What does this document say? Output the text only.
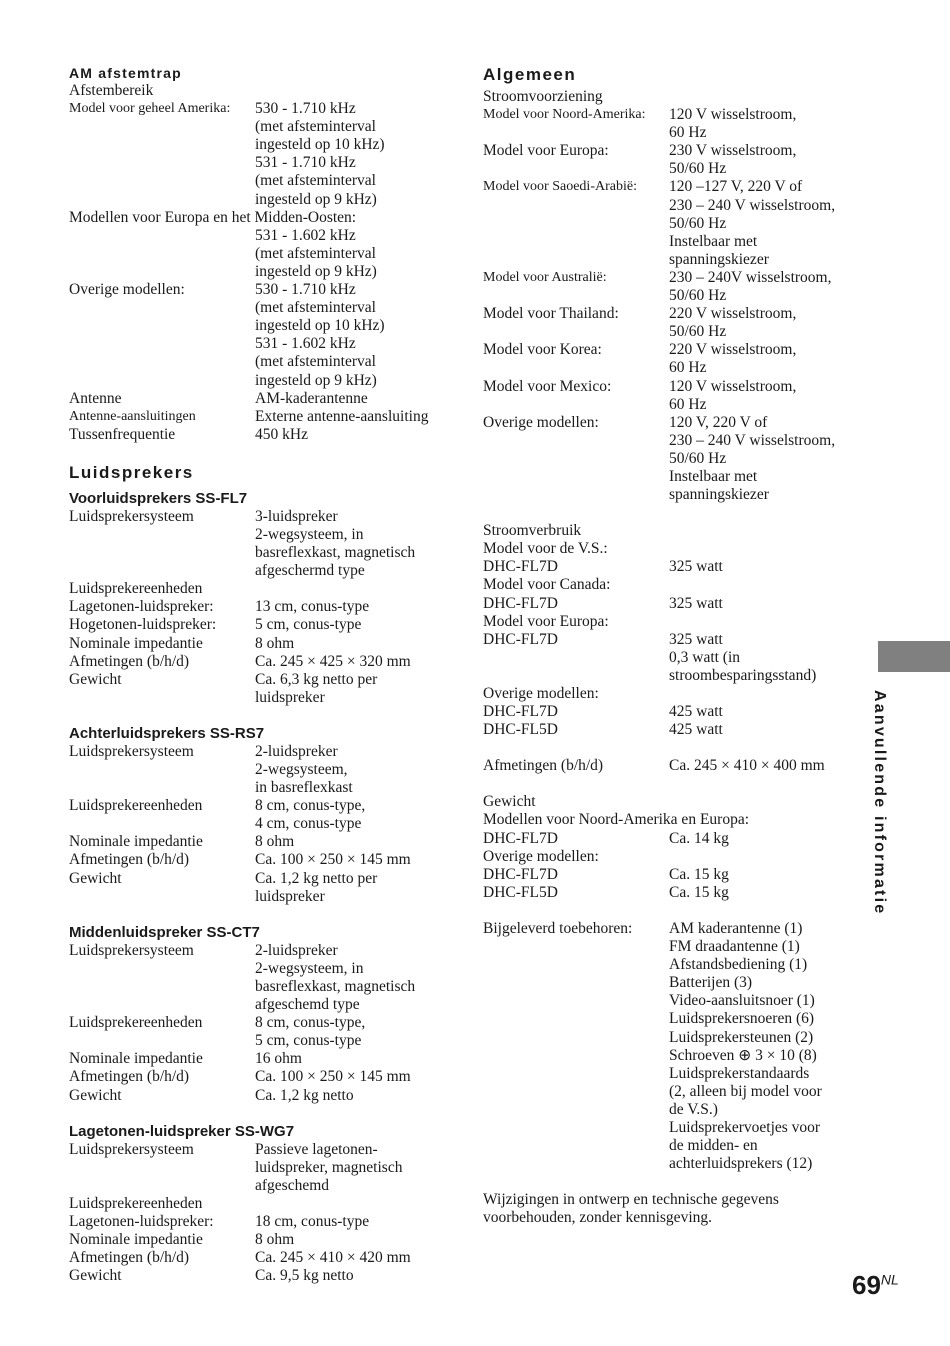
AM afstemtrap
Afstembereik
Model voor geheel Amerika:	530 - 1.710 kHz
(met afsteminterval
ingesteld op 10 kHz)
531 - 1.710 kHz
(met afsteminterval
ingesteld op 9 kHz)
Modellen voor Europa en het Midden-Oosten:
531 - 1.602 kHz
(met afsteminterval
ingesteld op 9 kHz)
Overige modellen:	530 - 1.710 kHz
(met afsteminterval
ingesteld op 10 kHz)
531 - 1.602 kHz
(met afsteminterval
ingesteld op 9 kHz)
Antenne	AM-kaderantenne
Antenne-aansluitingen	Externe antenne-aansluiting
Tussenfrequentie	450 kHz
Luidsprekers
Voorluidsprekers SS-FL7
Luidsprekersysteem	3-luidspreker
2-wegsysteem, in
basreflexkast, magnetisch
afgeschermd type
Luidsprekereenheden
Lagetonen-luidspreker:	13 cm, conus-type
Hogetonen-luidspreker:	5 cm, conus-type
Nominale impedantie	8 ohm
Afmetingen (b/h/d)	Ca. 245 × 425 × 320 mm
Gewicht	Ca. 6,3 kg netto per
luidspreker
Achterluidsprekers SS-RS7
Luidsprekersysteem	2-luidspreker
2-wegsysteem,
in basreflexkast
Luidsprekereenheden	8 cm, conus-type,
4 cm, conus-type
Nominale impedantie	8 ohm
Afmetingen (b/h/d)	Ca. 100 × 250 × 145 mm
Gewicht	Ca. 1,2 kg netto per
luidspreker
Middenluidspreker SS-CT7
Luidsprekersysteem	2-luidspreker
2-wegsysteem, in
basreflexkast, magnetisch
afgeschemd type
Luidsprekereenheden	8 cm, conus-type,
5 cm, conus-type
Nominale impedantie	16 ohm
Afmetingen (b/h/d)	Ca. 100 × 250 × 145 mm
Gewicht	Ca. 1,2 kg netto
Lagetonen-luidspreker SS-WG7
Luidsprekersysteem	Passieve lagetonen-
luidspreker, magnetisch
afgeschemd
Luidsprekereenheden
Lagetonen-luidspreker:	18 cm, conus-type
Nominale impedantie	8 ohm
Afmetingen (b/h/d)	Ca. 245 × 410 × 420 mm
Gewicht	Ca. 9,5 kg netto
Algemeen
Stroomvoorziening
Model voor Noord-Amerika:	120 V wisselstroom,
60 Hz
Model voor Europa:	230 V wisselstroom,
50/60 Hz
Model voor Saoedi-Arabië:	120 –127 V, 220 V of
230 – 240 V wisselstroom,
50/60 Hz
Instelbaar met
spanningskiezer
Model voor Australië:	230 – 240V wisselstroom,
50/60 Hz
Model voor Thailand:	220 V wisselstroom,
50/60 Hz
Model voor Korea:	220 V wisselstroom,
60 Hz
Model voor Mexico:	120 V wisselstroom,
60 Hz
Overige modellen:	120 V, 220 V of
230 – 240 V wisselstroom,
50/60 Hz
Instelbaar met
spanningskiezer
Stroomverbruik
Model voor de V.S.:
DHC-FL7D	325 watt
Model voor Canada:
DHC-FL7D	325 watt
Model voor Europa:
DHC-FL7D	325 watt
0,3 watt (in
stroombesparingsstand)
Overige modellen:
DHC-FL7D	425 watt
DHC-FL5D	425 watt
Afmetingen (b/h/d)	Ca. 245 × 410 × 400 mm
Gewicht
Modellen voor Noord-Amerika en Europa:
DHC-FL7D	Ca. 14 kg
Overige modellen:
DHC-FL7D	Ca. 15 kg
DHC-FL5D	Ca. 15 kg
Bijgeleverd toebehoren:	AM kaderantenne (1)
FM draadantenne (1)
Afstandsbediening (1)
Batterijen (3)
Video-aansluitsnoer (1)
Luidsprekersnoeren (6)
Luidsprekersteunen (2)
Schroeven ⊕ 3 × 10 (8)
Luidsprekerstandaards
(2, alleen bij model voor
de V.S.)
Luidsprekervoetjes voor
de midden- en
achterluidsprekers (12)
Wijzigingen in ontwerp en technische gegevens
voorbehouden, zonder kennisgeving.
Aanvullende informatie
$69^{NL}$
